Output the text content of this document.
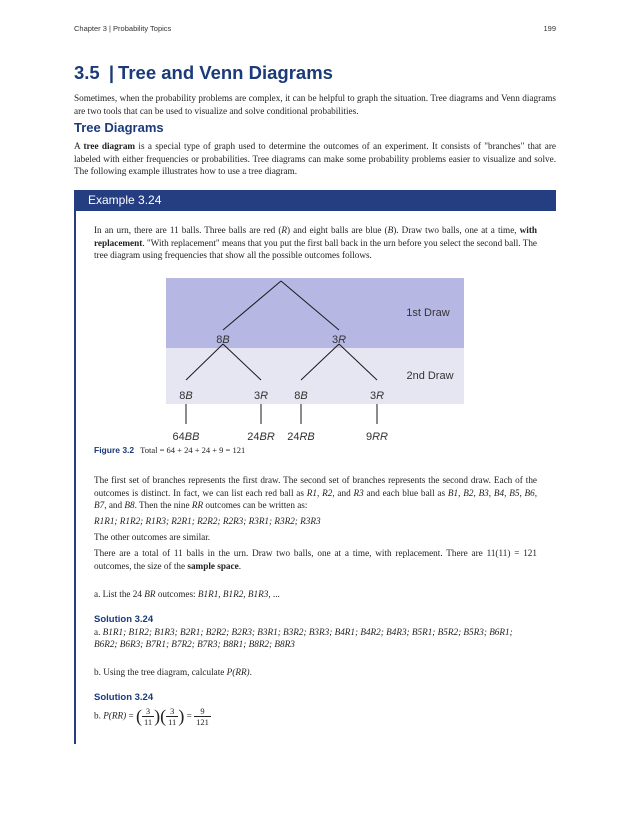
Chapter 3 | Probability Topics	199
3.5 | Tree and Venn Diagrams

Sometimes, when the probability problems are complex, it can be helpful to graph the situation. Tree diagrams and Venn diagrams are two tools that can be used to visualize and solve conditional probabilities.

Tree Diagrams

A tree diagram is a special type of graph used to determine the outcomes of an experiment. It consists of "branches" that are labeled with either frequencies or probabilities. Tree diagrams can make some probability problems easier to visualize and solve. The following example illustrates how to use a tree diagram.

Example 3.24

In an urn, there are 11 balls. Three balls are red (R) and eight balls are blue (B). Draw two balls, one at a time, with replacement. "With replacement" means that you put the first ball back in the urn before you select the second ball. The tree diagram using frequencies that show all the possible outcomes follows.

1st Draw
2nd Draw
8B	3R
8B	3R 8B	3R
64BB	24BR 24RB	9RR

Figure 3.2 Total = 64 + 24 + 24 + 9 = 121

The first set of branches represents the first draw. The second set of branches represents the second draw. Each of the outcomes is distinct. In fact, we can list each red ball as R1, R2, and R3 and each blue ball as B1, B2, B3, B4, B5, B6, B7, and B8. Then the nine RR outcomes can be written as:

R1R1; R1R2; R1R3; R2R1; R2R2; R2R3; R3R1; R3R2; R3R3

The other outcomes are similar.

There are a total of 11 balls in the urn. Draw two balls, one at a time, with replacement. There are 11(11) = 121 outcomes, the size of the sample space.

a. List the 24 BR outcomes: B1R1, B1R2, B1R3, ...

Solution 3.24

a. B1R1; B1R2; B1R3; B2R1; B2R2; B2R3; B3R1; B3R2; B3R3; B4R1; B4R2; B4R3; B5R1; B5R2; B5R3; B6R1;

B6R2; B6R3; B7R1; B7R2; B7R3; B8R1; B8R2; B8R3

b. Using the tree diagram, calculate P(RR).

Solution 3.24

b. P(RR) = ( $\frac{3}{11}$ )( $\frac{3}{11}$ ) = $\frac{9}{121}$
